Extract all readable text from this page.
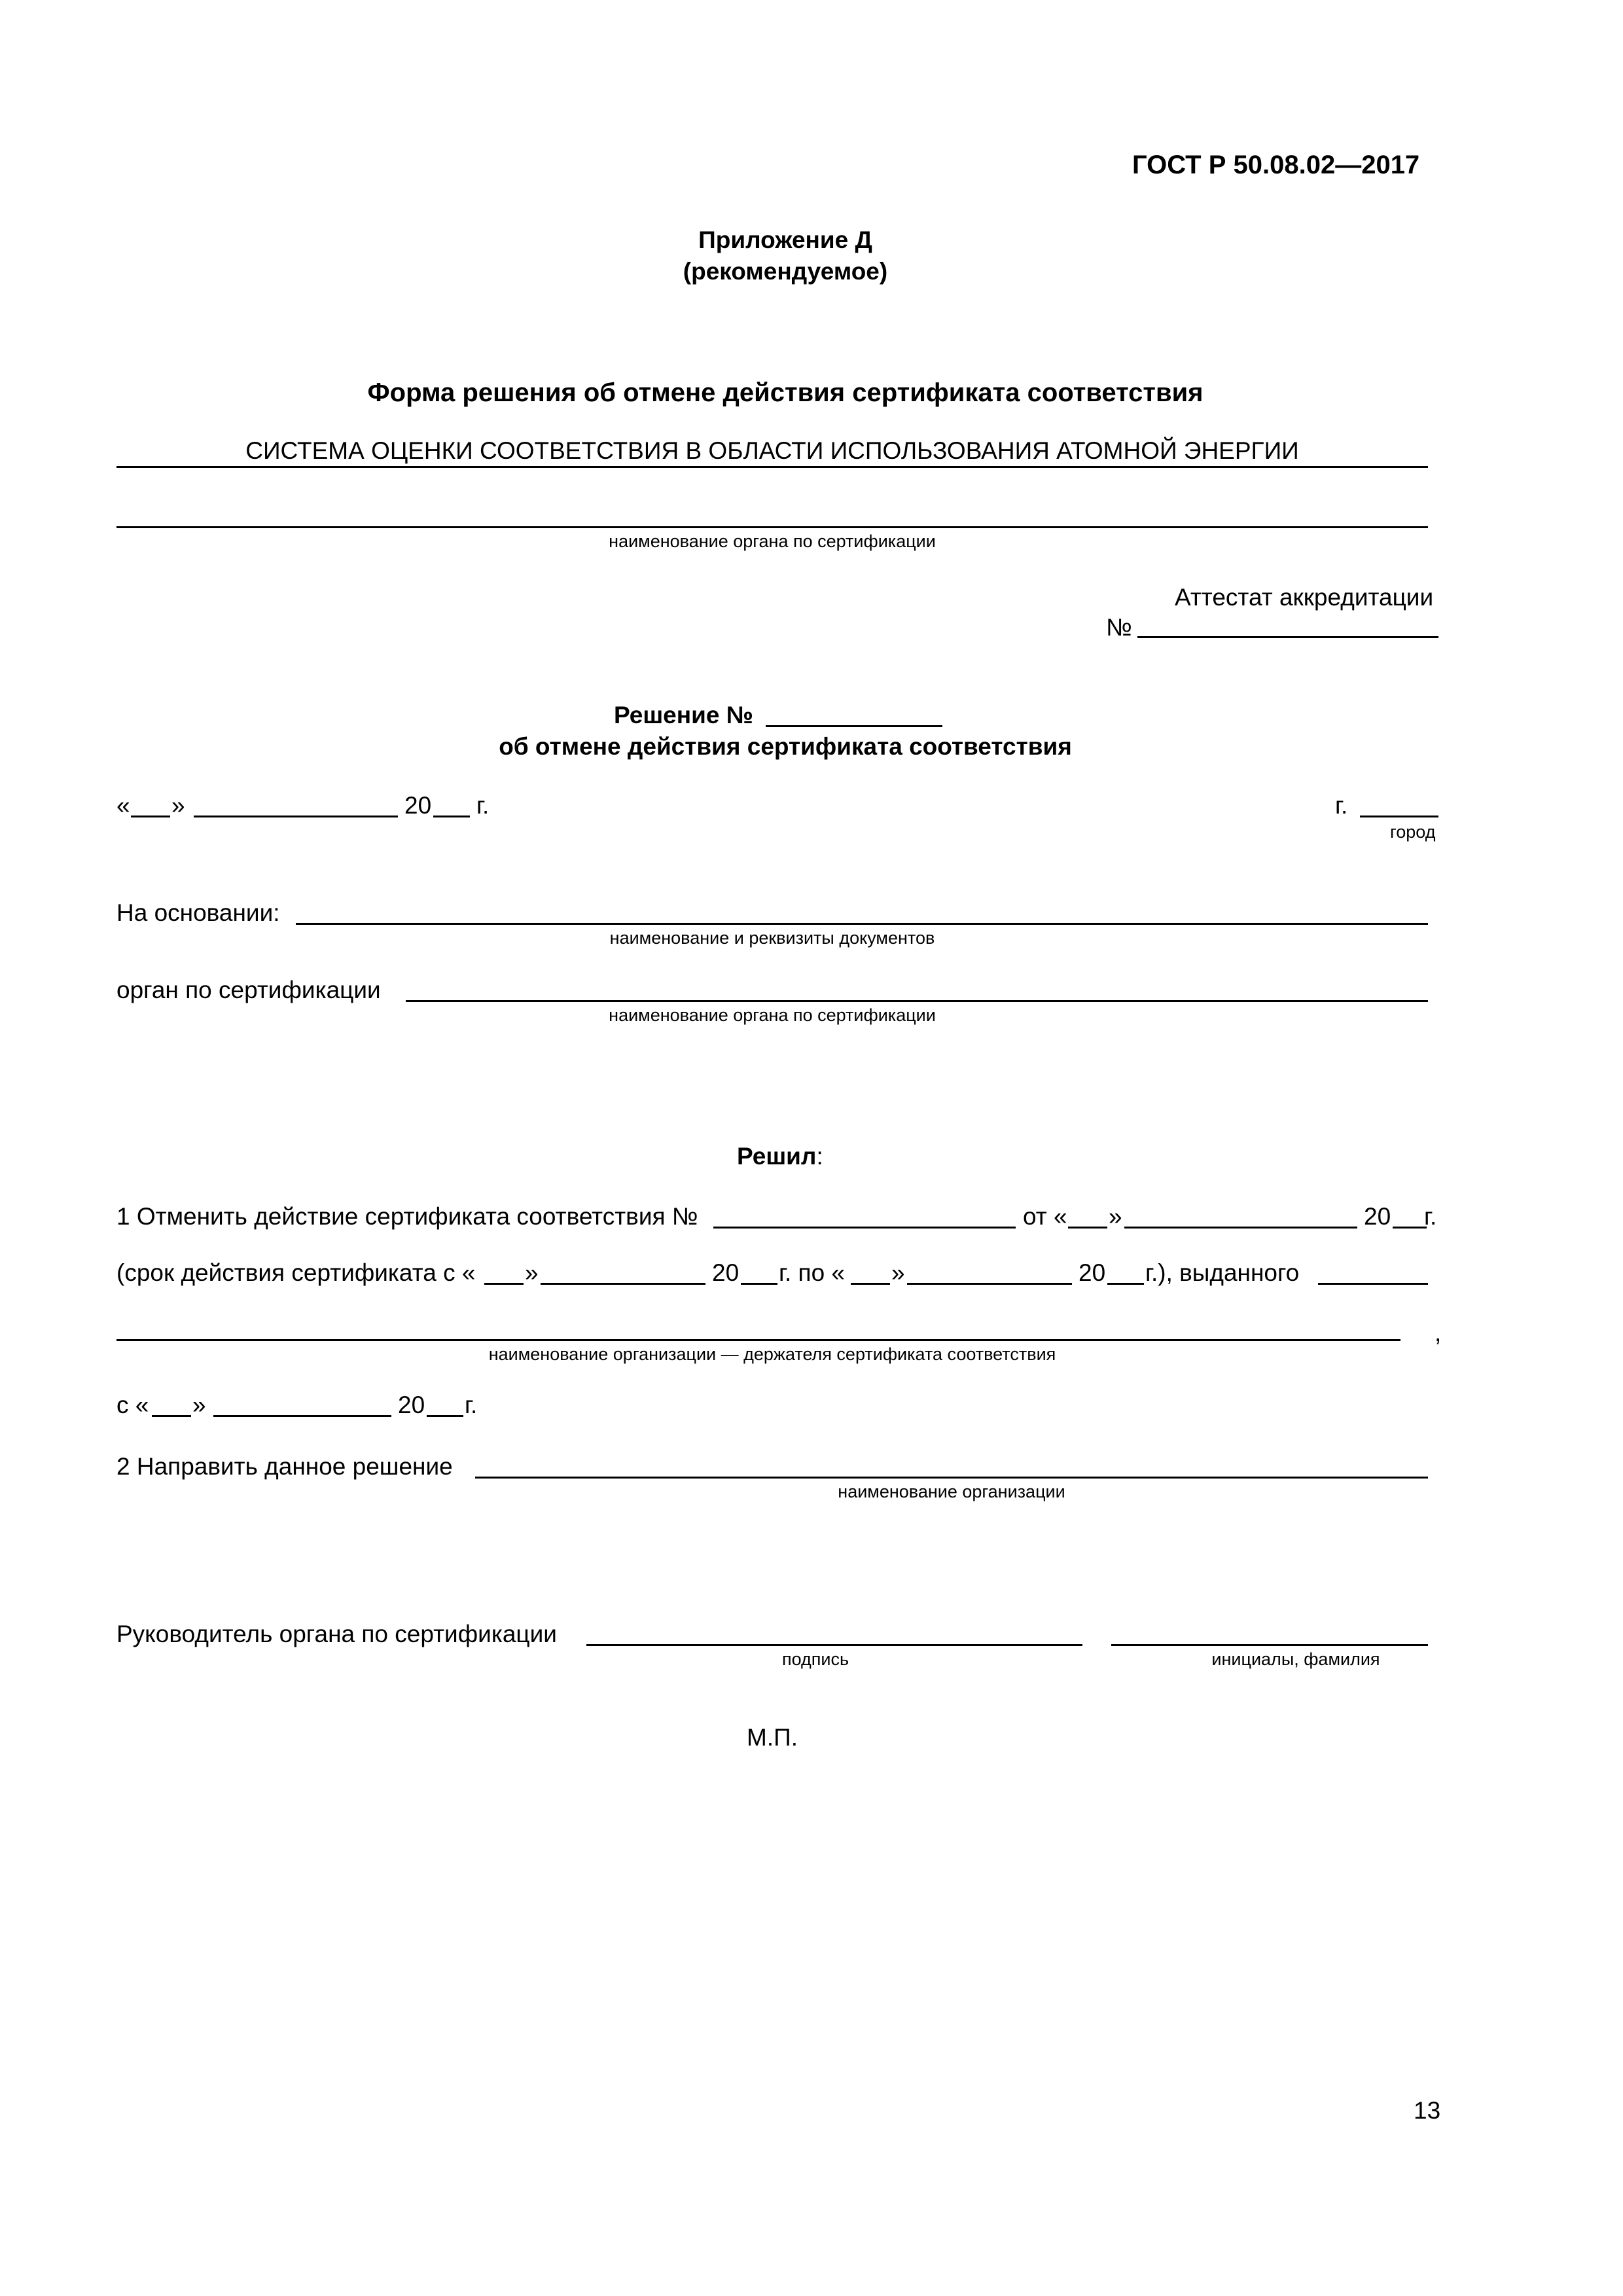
ГОСТ Р 50.08.02—2017
Приложение Д
(рекомендуемое)
Форма решения об отмене действия сертификата соответствия
СИСТЕМА ОЦЕНКИ СООТВЕТСТВИЯ В ОБЛАСТИ ИСПОЛЬЗОВАНИЯ АТОМНОЙ ЭНЕРГИИ
наименование органа по сертификации
Аттестат аккредитации
№
Решение №
об отмене действия сертификата соответствия
« »	20 г.	г.
город
На основании:
наименование и реквизиты документов
орган по сертификации
наименование органа по сертификации
Решил:
1 Отменить действие сертификата соответствия №	от « »	20 г.
(срок действия сертификата с « »	20 г. по « »	20 г.), выданного
,
наименование организации — держателя сертификата соответствия
с « »	20 г.
2 Направить данное решение
наименование организации
Руководитель органа по сертификации
подпись	инициалы, фамилия
М.П.
13
